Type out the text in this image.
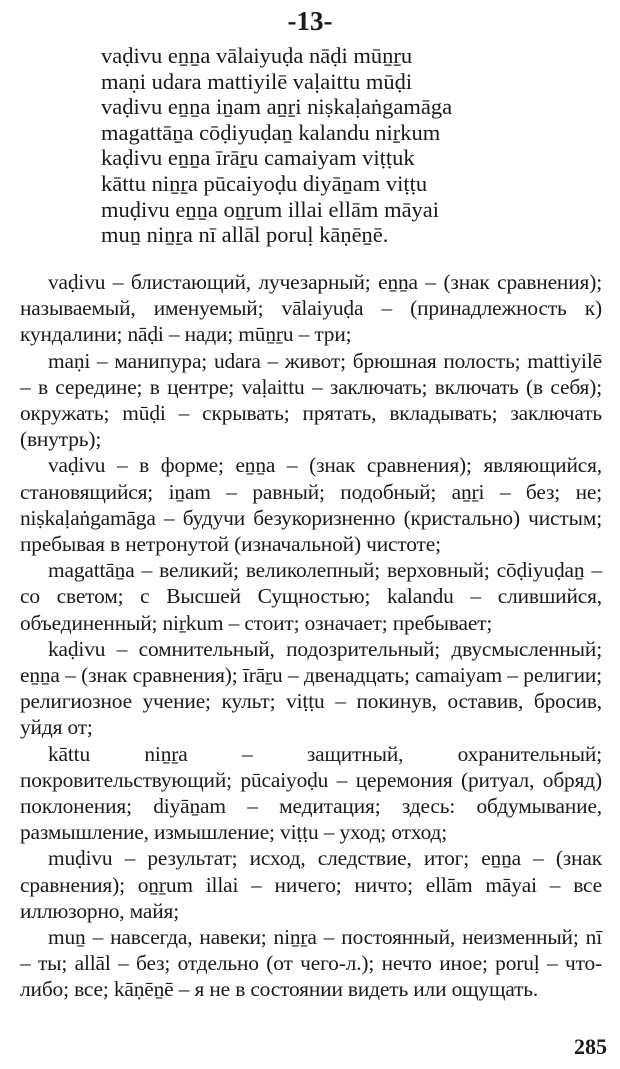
-13-
vaḍivu eṉṉa vālaiyuḍa nāḍi mūṉṟu
maṇi udara mattiyilē vaḷaittu mūḍi
vaḍivu eṉṉa iṉam aṉṟi niṣkaḷaṅgamāga
magattāṉa cōḍiyuḍaṉ kalandu niṟkum
kaḍivu eṉṉa īrāṟu camaiyam viṭṭuk
kāttu niṉṟa pūcaiyoḍu diyāṉam viṭṭu
muḍivu eṉṉa oṉṟum illai ellām māyai
muṉ niṉṟa nī allāl poruḷ kāṇēṉē.

vaḍivu – блистающий, лучезарный; eṉṉa – (знак сравнения); называемый, именуемый; vālaiyuḍa – (принадлежность к) кундалини; nāḍi – нади; mūṉṟu – три;

maṇi – манипура; udara – живот; брюшная полость; mattiyilē – в середине; в центре; vaḷaittu – заключать; включать (в себя); окружать; mūḍi – скрывать; прятать, вкладывать; заключать (внутрь);

vaḍivu – в форме; eṉṉa – (знак сравнения); являющийся, становящийся; iṉam – равный; подобный; aṉṟi – без; не; niṣkaḷaṅgamāga – будучи безукоризненно (кристально) чистым; пребывая в нетронутой (изначальной) чистоте;

magattāṉa – великий; великолепный; верховный; cōḍiyuḍaṉ – со светом; с Высшей Сущностью; kalandu – слившийся, объединенный; niṟkum – стоит; означает; пребывает;

kaḍivu – сомнительный, подозрительный; двусмысленный; eṉṉa – (знак сравнения); īrāṟu – двенадцать; camaiyam – религии; религиозное учение; культ; viṭṭu – покинув, оставив, бросив, уйдя от;

kāttu niṉṟa – защитный, охранительный; покровительствующий; pūcaiyoḍu – церемония (ритуал, обряд) поклонения; diyāṉam – медитация; здесь: обдумывание, размышление, измышление; viṭṭu – уход; отход;

muḍivu – результат; исход, следствие, итог; eṉṉa – (знак сравнения); oṉṟum illai – ничего; ничто; ellām māyai – все иллюзорно, майя;

muṉ – навсегда, навеки; niṉṟa – постоянный, неизменный; nī – ты; allāl – без; отдельно (от чего-л.); нечто иное; poruḷ – что-либо; все; kāṇēṉē – я не в состоянии видеть или ощущать.

285
